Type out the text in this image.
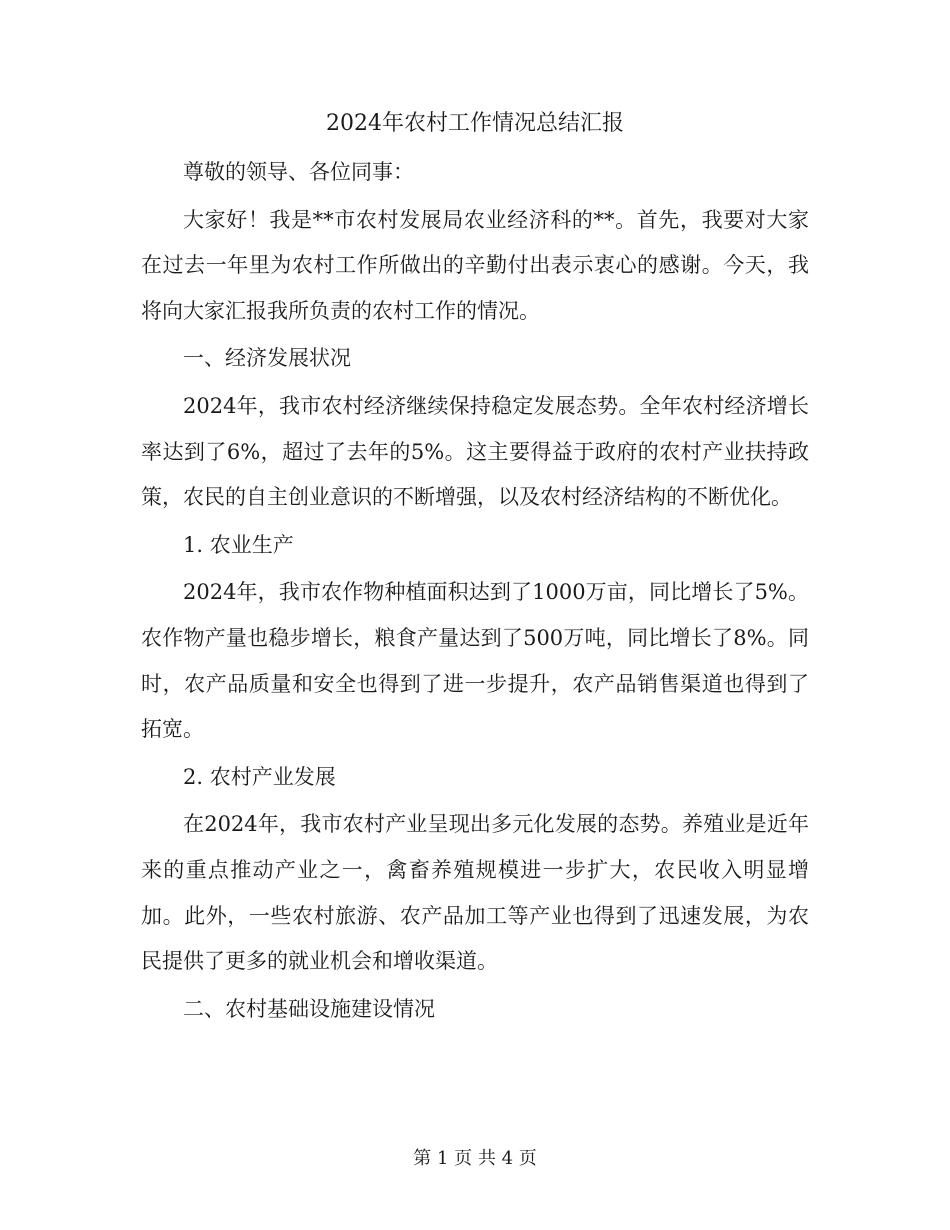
2024年农村工作情况总结汇报

尊敬的领导、各位同事：

大家好！我是**市农村发展局农业经济科的**。首先，我要对大家在过去一年里为农村工作所做出的辛勤付出表示衷心的感谢。今天，我将向大家汇报我所负责的农村工作的情况。

一、经济发展状况

2024年，我市农村经济继续保持稳定发展态势。全年农村经济增长率达到了6%，超过了去年的5%。这主要得益于政府的农村产业扶持政策，农民的自主创业意识的不断增强，以及农村经济结构的不断优化。

1. 农业生产

2024年，我市农作物种植面积达到了1000万亩，同比增长了5%。农作物产量也稳步增长，粮食产量达到了500万吨，同比增长了8%。同时，农产品质量和安全也得到了进一步提升，农产品销售渠道也得到了拓宽。

2. 农村产业发展

在2024年，我市农村产业呈现出多元化发展的态势。养殖业是近年来的重点推动产业之一，禽畜养殖规模进一步扩大，农民收入明显增加。此外，一些农村旅游、农产品加工等产业也得到了迅速发展，为农民提供了更多的就业机会和增收渠道。

二、农村基础设施建设情况

第 1 页 共 4 页
